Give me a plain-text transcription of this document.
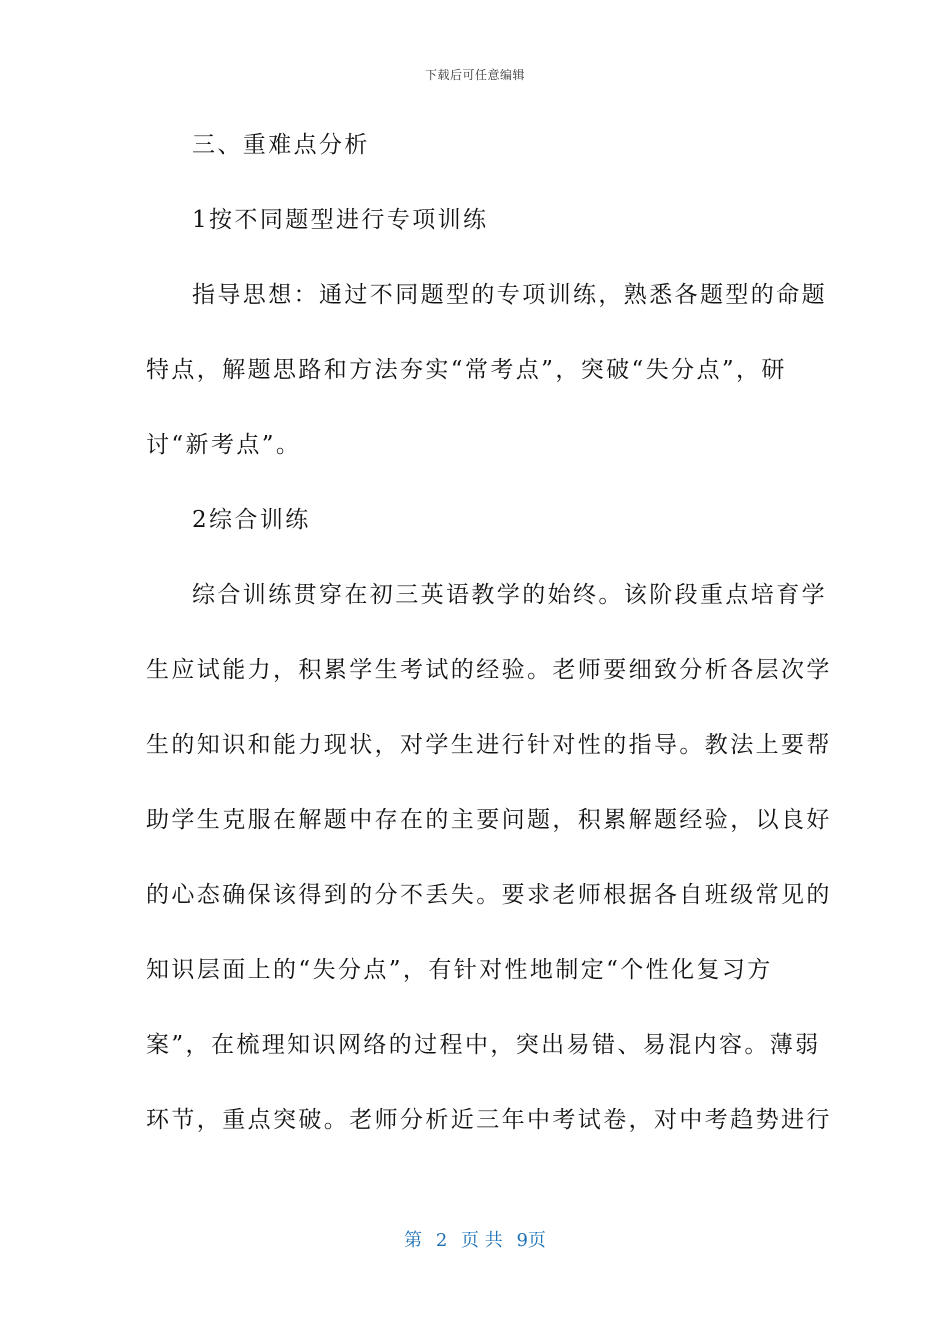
下载后可任意编辑
三、重难点分析
1按不同题型进行专项训练
指导思想：通过不同题型的专项训练，熟悉各题型的命题
特点，解题思路和方法夯实“常考点”，突破“失分点”，研
讨“新考点”。
2综合训练
综合训练贯穿在初三英语教学的始终。该阶段重点培育学
生应试能力，积累学生考试的经验。老师要细致分析各层次学
生的知识和能力现状，对学生进行针对性的指导。教法上要帮
助学生克服在解题中存在的主要问题，积累解题经验，以良好
的心态确保该得到的分不丢失。要求老师根据各自班级常见的
知识层面上的“失分点”，有针对性地制定“个性化复习方
案”，在梳理知识网络的过程中，突出易错、易混内容。薄弱
环节，重点突破。老师分析近三年中考试卷，对中考趋势进行
第 2 页 共 9页
